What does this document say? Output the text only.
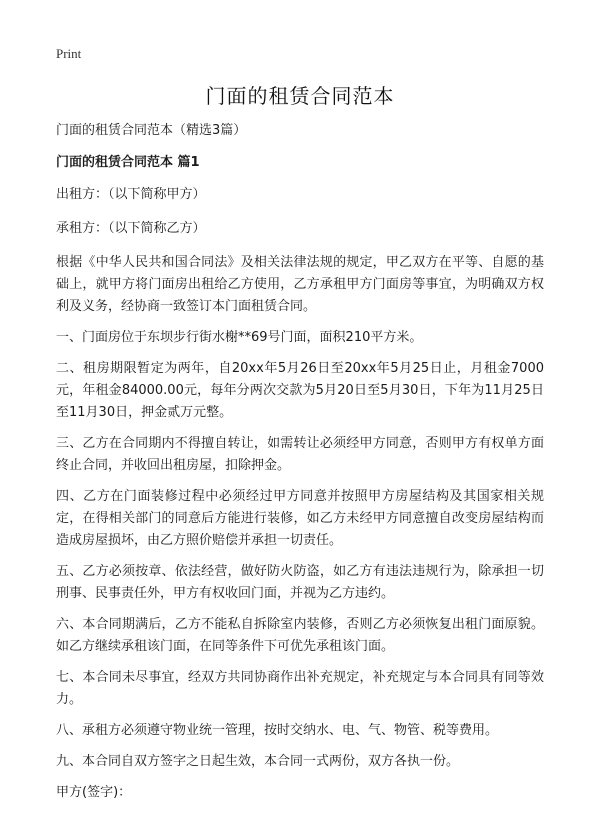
Print
门面的租赁合同范本

门面的租赁合同范本（精选3篇）

门面的租赁合同范本 篇1

出租方：（以下简称甲方）

承租方：（以下简称乙方）

根据《中华人民共和国合同法》及相关法律法规的规定，甲乙双方在平等、自愿的基础上，就甲方将门面房出租给乙方使用，乙方承租甲方门面房等事宜，为明确双方权利及义务，经协商一致签订本门面租赁合同。

一、门面房位于东坝步行街水榭**69号门面，面积210平方米。

二、租房期限暂定为两年，自20xx年5月26日至20xx年5月25日止，月租金7000元，年租金84000.00元，每年分两次交款为5月20日至5月30日，下年为11月25日至11月30日，押金贰万元整。

三、乙方在合同期内不得擅自转让，如需转让必须经甲方同意，否则甲方有权单方面终止合同，并收回出租房屋，扣除押金。

四、乙方在门面装修过程中必须经过甲方同意并按照甲方房屋结构及其国家相关规定，在得相关部门的同意后方能进行装修，如乙方未经甲方同意擅自改变房屋结构而造成房屋损坏，由乙方照价赔偿并承担一切责任。

五、乙方必须按章、依法经营，做好防火防盗，如乙方有违法违规行为，除承担一切刑事、民事责任外，甲方有权收回门面，并视为乙方违约。

六、本合同期满后，乙方不能私自拆除室内装修，否则乙方必须恢复出租门面原貌。如乙方继续承租该门面，在同等条件下可优先承租该门面。

七、本合同未尽事宜，经双方共同协商作出补充规定，补充规定与本合同具有同等效力。

八、承租方必须遵守物业统一管理，按时交纳水、电、气、物管、税等费用。

九、本合同自双方签字之日起生效，本合同一式两份，双方各执一份。

甲方(签字)：
